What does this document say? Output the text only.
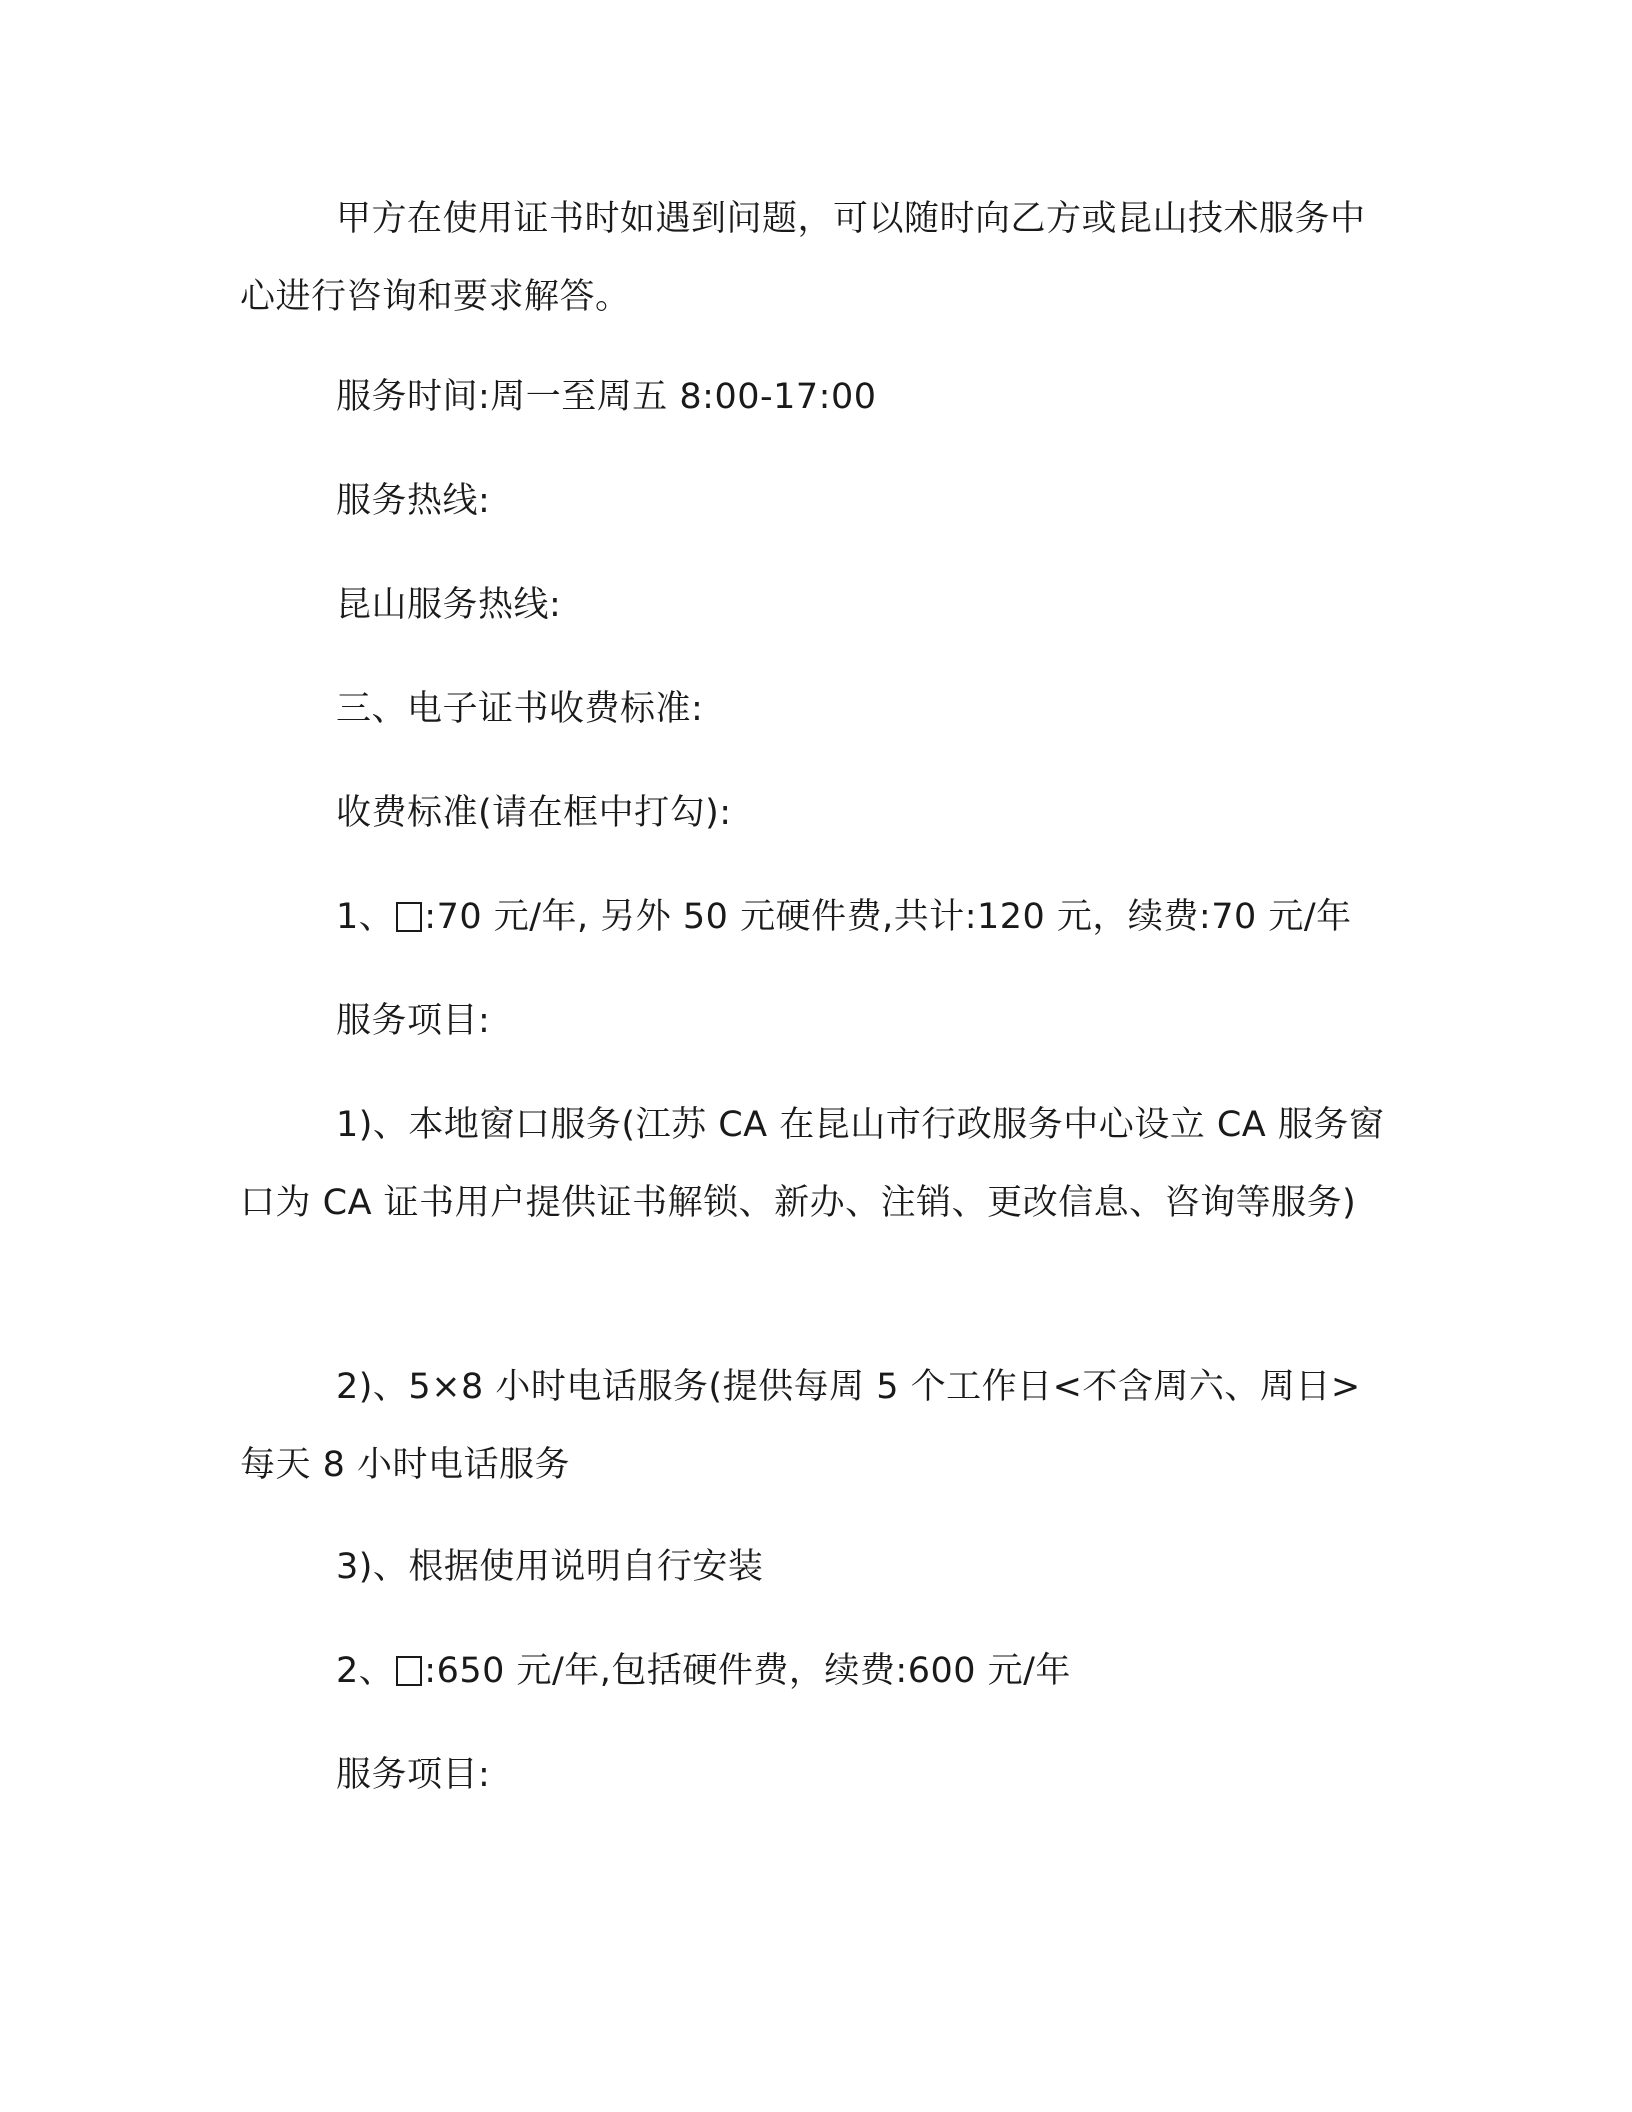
甲方在使用证书时如遇到问题，可以随时向乙方或昆山技术服务中心进行咨询和要求解答。

服务时间:周一至周五 8:00-17:00

服务热线:

昆山服务热线:

三、电子证书收费标准:

收费标准(请在框中打勾):

1、 :70 元/年, 另外 50 元硬件费,共计:120 元，续费:70 元/年

服务项目:

1)、本地窗口服务(江苏 CA 在昆山市行政服务中心设立 CA 服务窗口为 CA 证书用户提供证书解锁、新办、注销、更改信息、咨询等服务)

2)、5×8 小时电话服务(提供每周 5 个工作日<不含周六、周日>每天 8 小时电话服务

3)、根据使用说明自行安装

2、 :650 元/年,包括硬件费，续费:600 元/年

服务项目:
